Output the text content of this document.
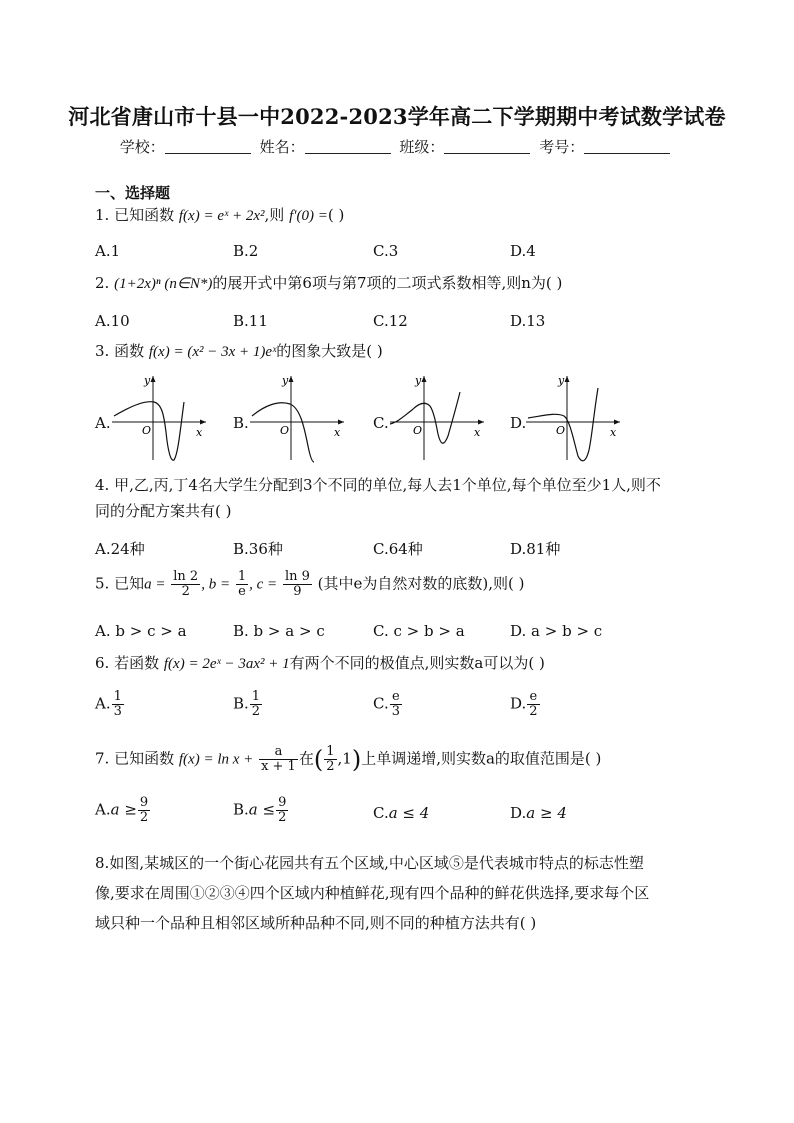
河北省唐山市十县一中2022-2023学年高二下学期期中考试数学试卷
学校：	姓名：	班级：	考号：
一、选择题
1. 已知函数 f(x) = eˣ + 2x²,则 f′(0) =( )
A.1	B.2	C.3	D.4
2. (1+2x)ⁿ (n∈N*)的展开式中第6项与第7项的二项式系数相等,则n为( )
A.10	B.11	C.12	D.13
3. 函数 f(x) = (x² − 3x + 1)eˣ的图象大致是( )
A.	B.	C.	D.
y
x
O
y
x
O
y
x
O
y
x
O
4. 甲,乙,丙,丁4名大学生分配到3个不同的单位,每人去1个单位,每个单位至少1人,则不
同的分配方案共有( )
A.24种	B.36种	C.64种	D.81种
5. 已知$a = \frac{\ln 2}{2}$ , $b = \frac{1}{e}$ , $c = \frac{\ln 9}{9}$ (其中e为自然对数的底数),则( )
A. b > c > a	B. b > a > c	C. c > b > a	D. a > b > c
6. 若函数 f(x) = 2eˣ − 3ax² + 1有两个不同的极值点,则实数a可以为( )
A. $\frac{1}{3}$	B. $\frac{1}{2}$	C. $\frac{e}{3}$	D. $\frac{e}{2}$
7. 已知函数 $f(x) = \ln x + \frac{a}{x + 1}$ 在( $\frac{1}{2} ,1$)上单调递增,则实数a的取值范围是( )
$A.a \ge \frac{9}{2}$	$B.a \le \frac{9}{2}$	C.a ≤ 4	D.a ≥ 4
8.如图,某城区的一个街心花园共有五个区域,中心区域⑤是代表城市特点的标志性塑
像,要求在周围①②③④四个区域内种植鲜花,现有四个品种的鲜花供选择,要求每个区
域只种一个品种且相邻区域所种品种不同,则不同的种植方法共有( )
